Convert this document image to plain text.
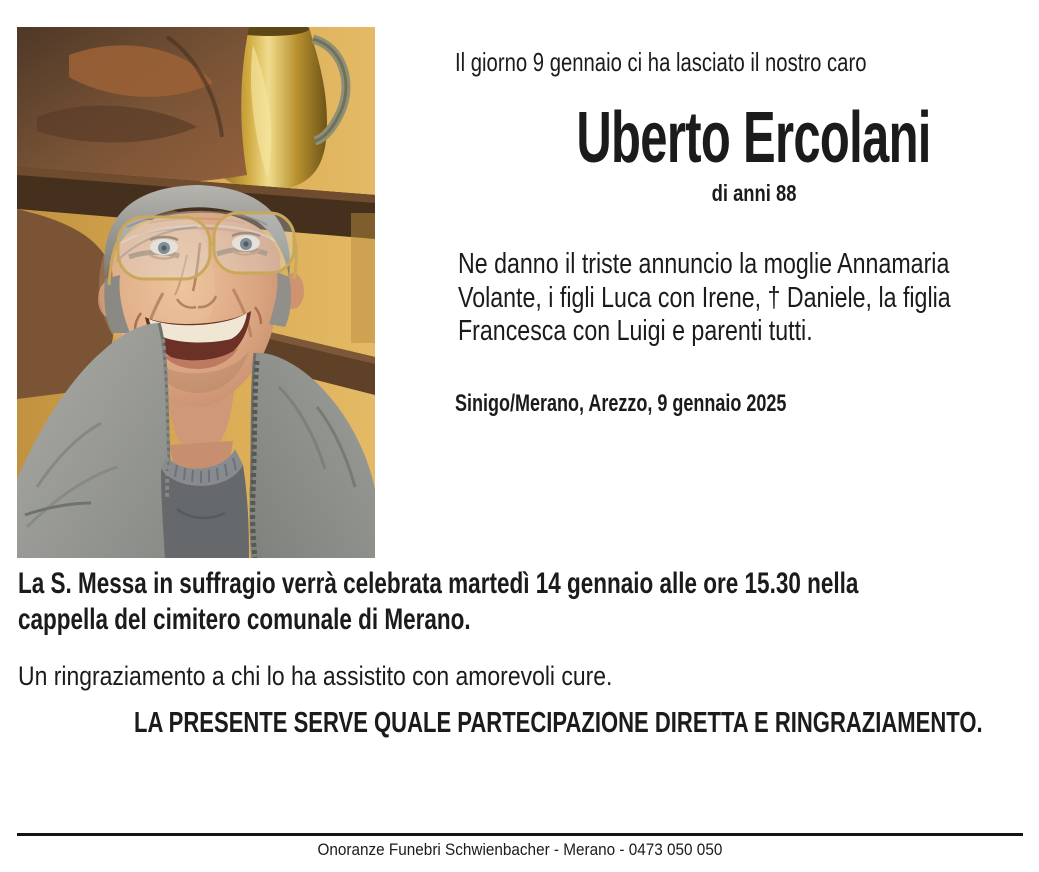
Il giorno 9 gennaio ci ha lasciato il nostro caro
Uberto Ercolani
di anni 88
Ne danno il triste annuncio la moglie Annamaria
Volante, i figli Luca con Irene, † Daniele, la figlia
Francesca con Luigi e parenti tutti.
Sinigo/Merano, Arezzo, 9 gennaio 2025
La S. Messa in suffragio verrà celebrata martedì 14 gennaio alle ore 15.30 nella
cappella del cimitero comunale di Merano.
Un ringraziamento a chi lo ha assistito con amorevoli cure.
LA PRESENTE SERVE QUALE PARTECIPAZIONE DIRETTA E RINGRAZIAMENTO.
Onoranze Funebri Schwienbacher - Merano - 0473 050 050
